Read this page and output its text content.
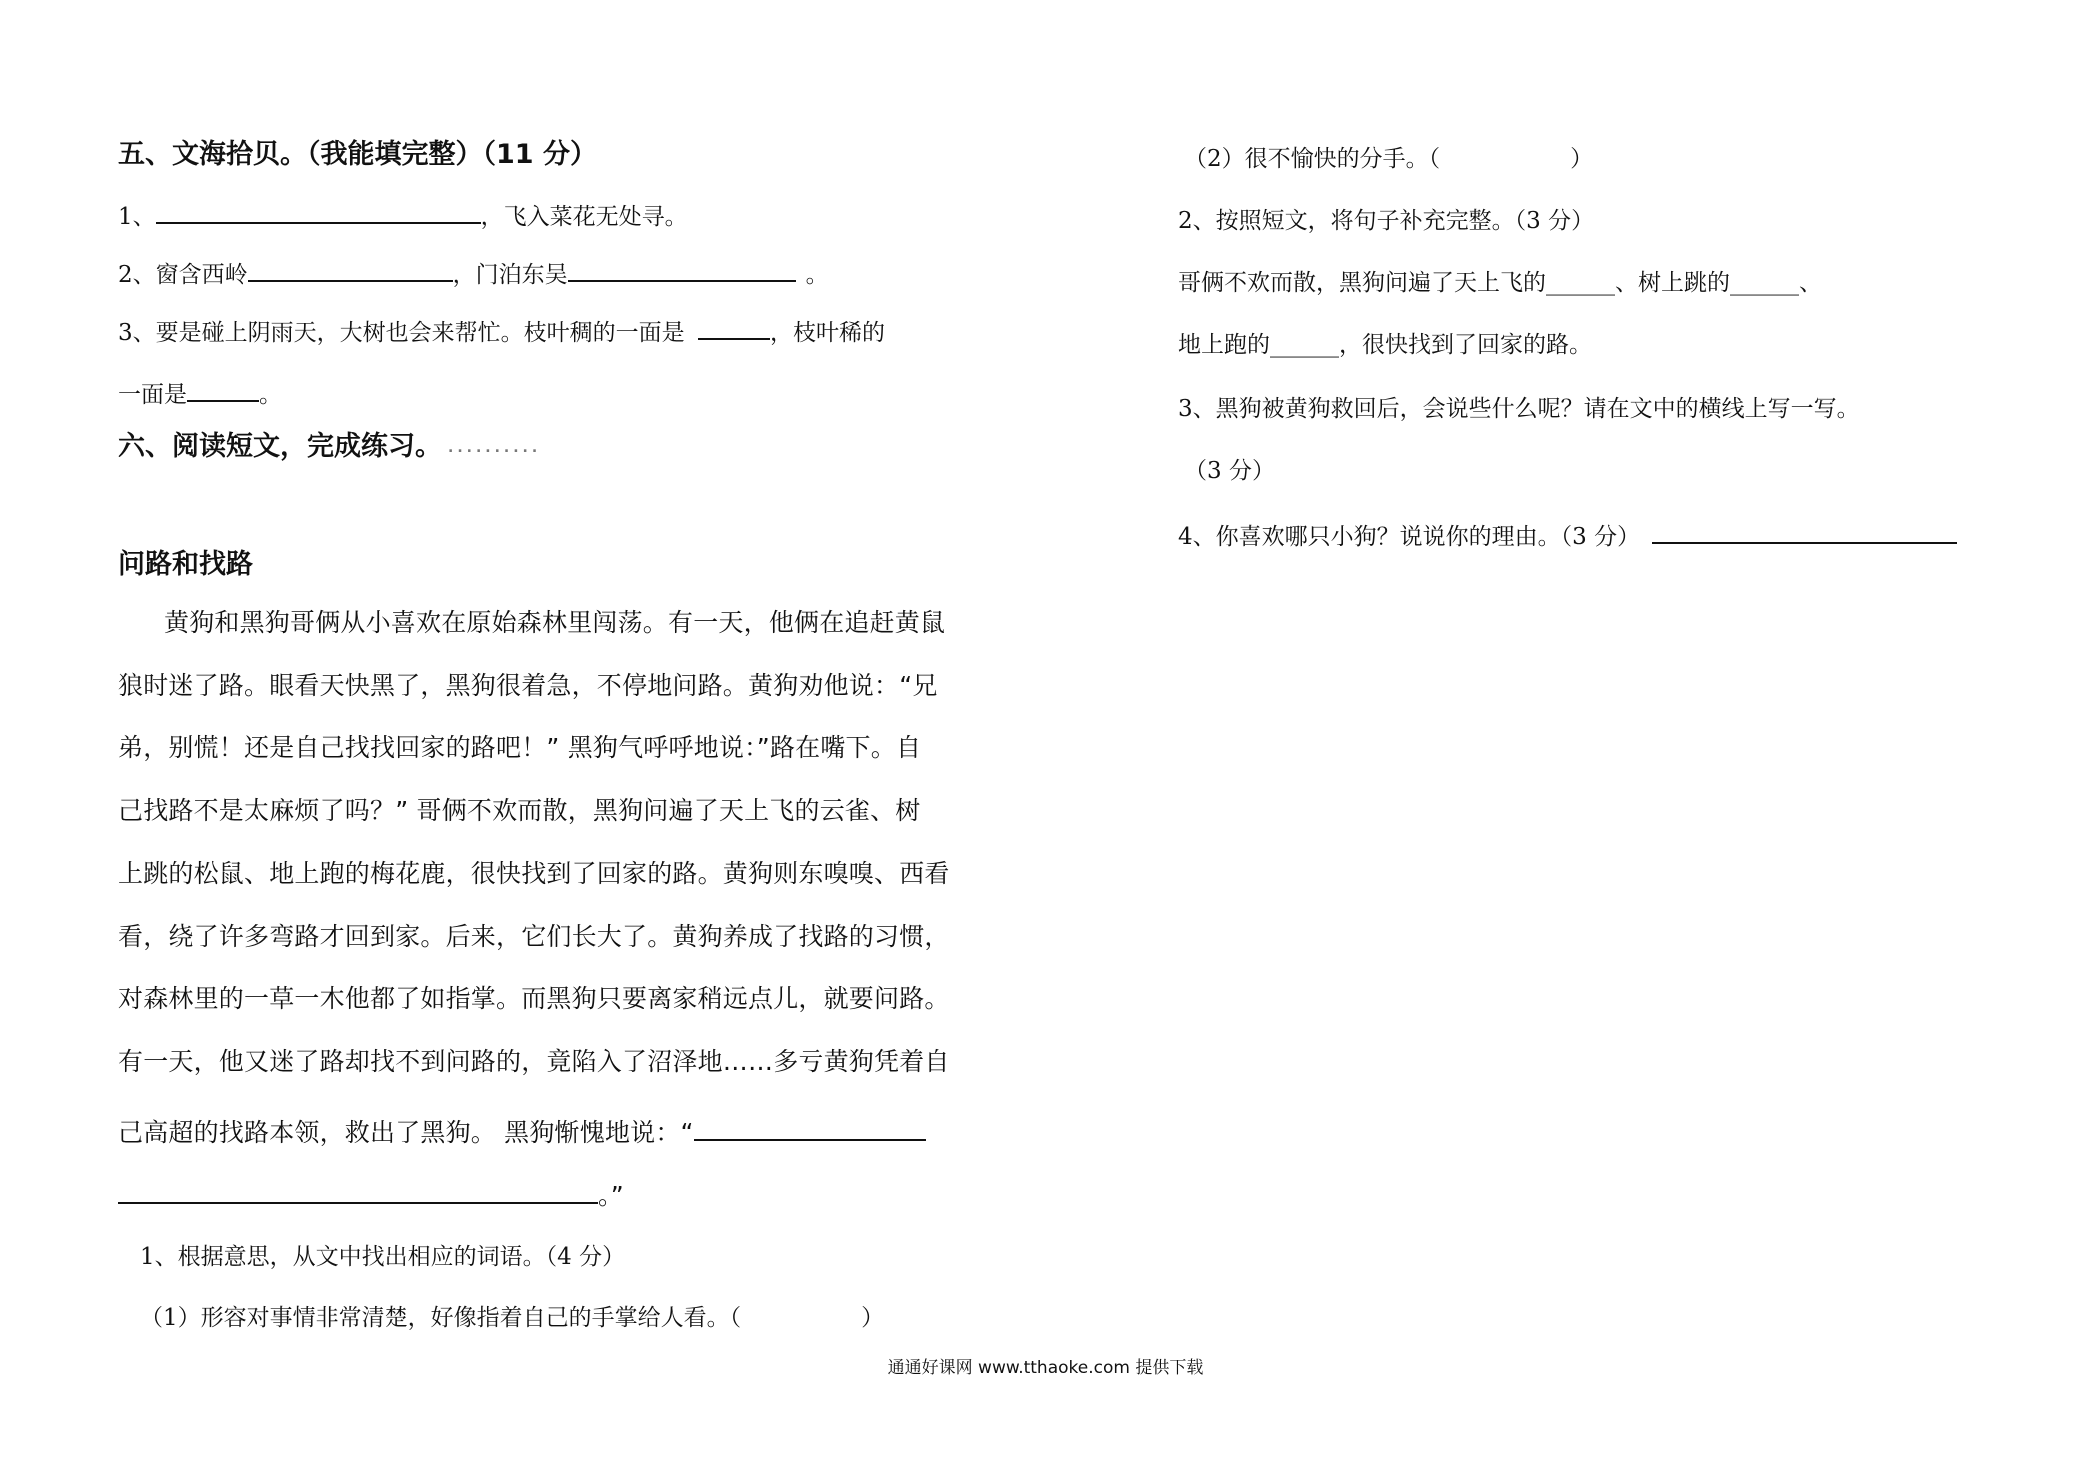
五、文海拾贝。（我能填完整）（11 分）
1、	，飞入菜花无处寻。
2、窗含西岭	，门泊东吴	。
3、要是碰上阴雨天，大树也会来帮忙。枝叶稠的一面是	，枝叶稀的
一面是	。
六、阅读短文，完成练习。 ..........
问路和找路
黄狗和黑狗哥俩从小喜欢在原始森林里闯荡。有一天，他俩在追赶黄鼠
狼时迷了路。眼看天快黑了，黑狗很着急，不停地问路。黄狗劝他说：“兄
弟，别慌！还是自己找找回家的路吧！” 黑狗气呼呼地说：”路在嘴下。自
己找路不是太麻烦了吗？” 哥俩不欢而散，黑狗问遍了天上飞的云雀、树
上跳的松鼠、地上跑的梅花鹿，很快找到了回家的路。黄狗则东嗅嗅、西看
看，绕了许多弯路才回到家。后来，它们长大了。黄狗养成了找路的习惯，
对森林里的一草一木他都了如指掌。而黑狗只要离家稍远点儿，就要问路。
有一天，他又迷了路却找不到问路的，竟陷入了沼泽地……多亏黄狗凭着自
己高超的找路本领，救出了黑狗。 黑狗惭愧地说：“
。”
1、根据意思，从文中找出相应的词语。（4 分）
（1）形容对事情非常清楚，好像指着自己的手掌给人看。（	）
（2）很不愉快的分手。（	）
2、按照短文，将句子补充完整。（3 分）
哥俩不欢而散，黑狗问遍了天上飞的______、树上跳的______、
地上跑的______，很快找到了回家的路。
3、黑狗被黄狗救回后，会说些什么呢？请在文中的横线上写一写。
（3 分）
4、你喜欢哪只小狗？说说你的理由。（3 分）
通通好课网 www.tthaoke.com 提供下载
